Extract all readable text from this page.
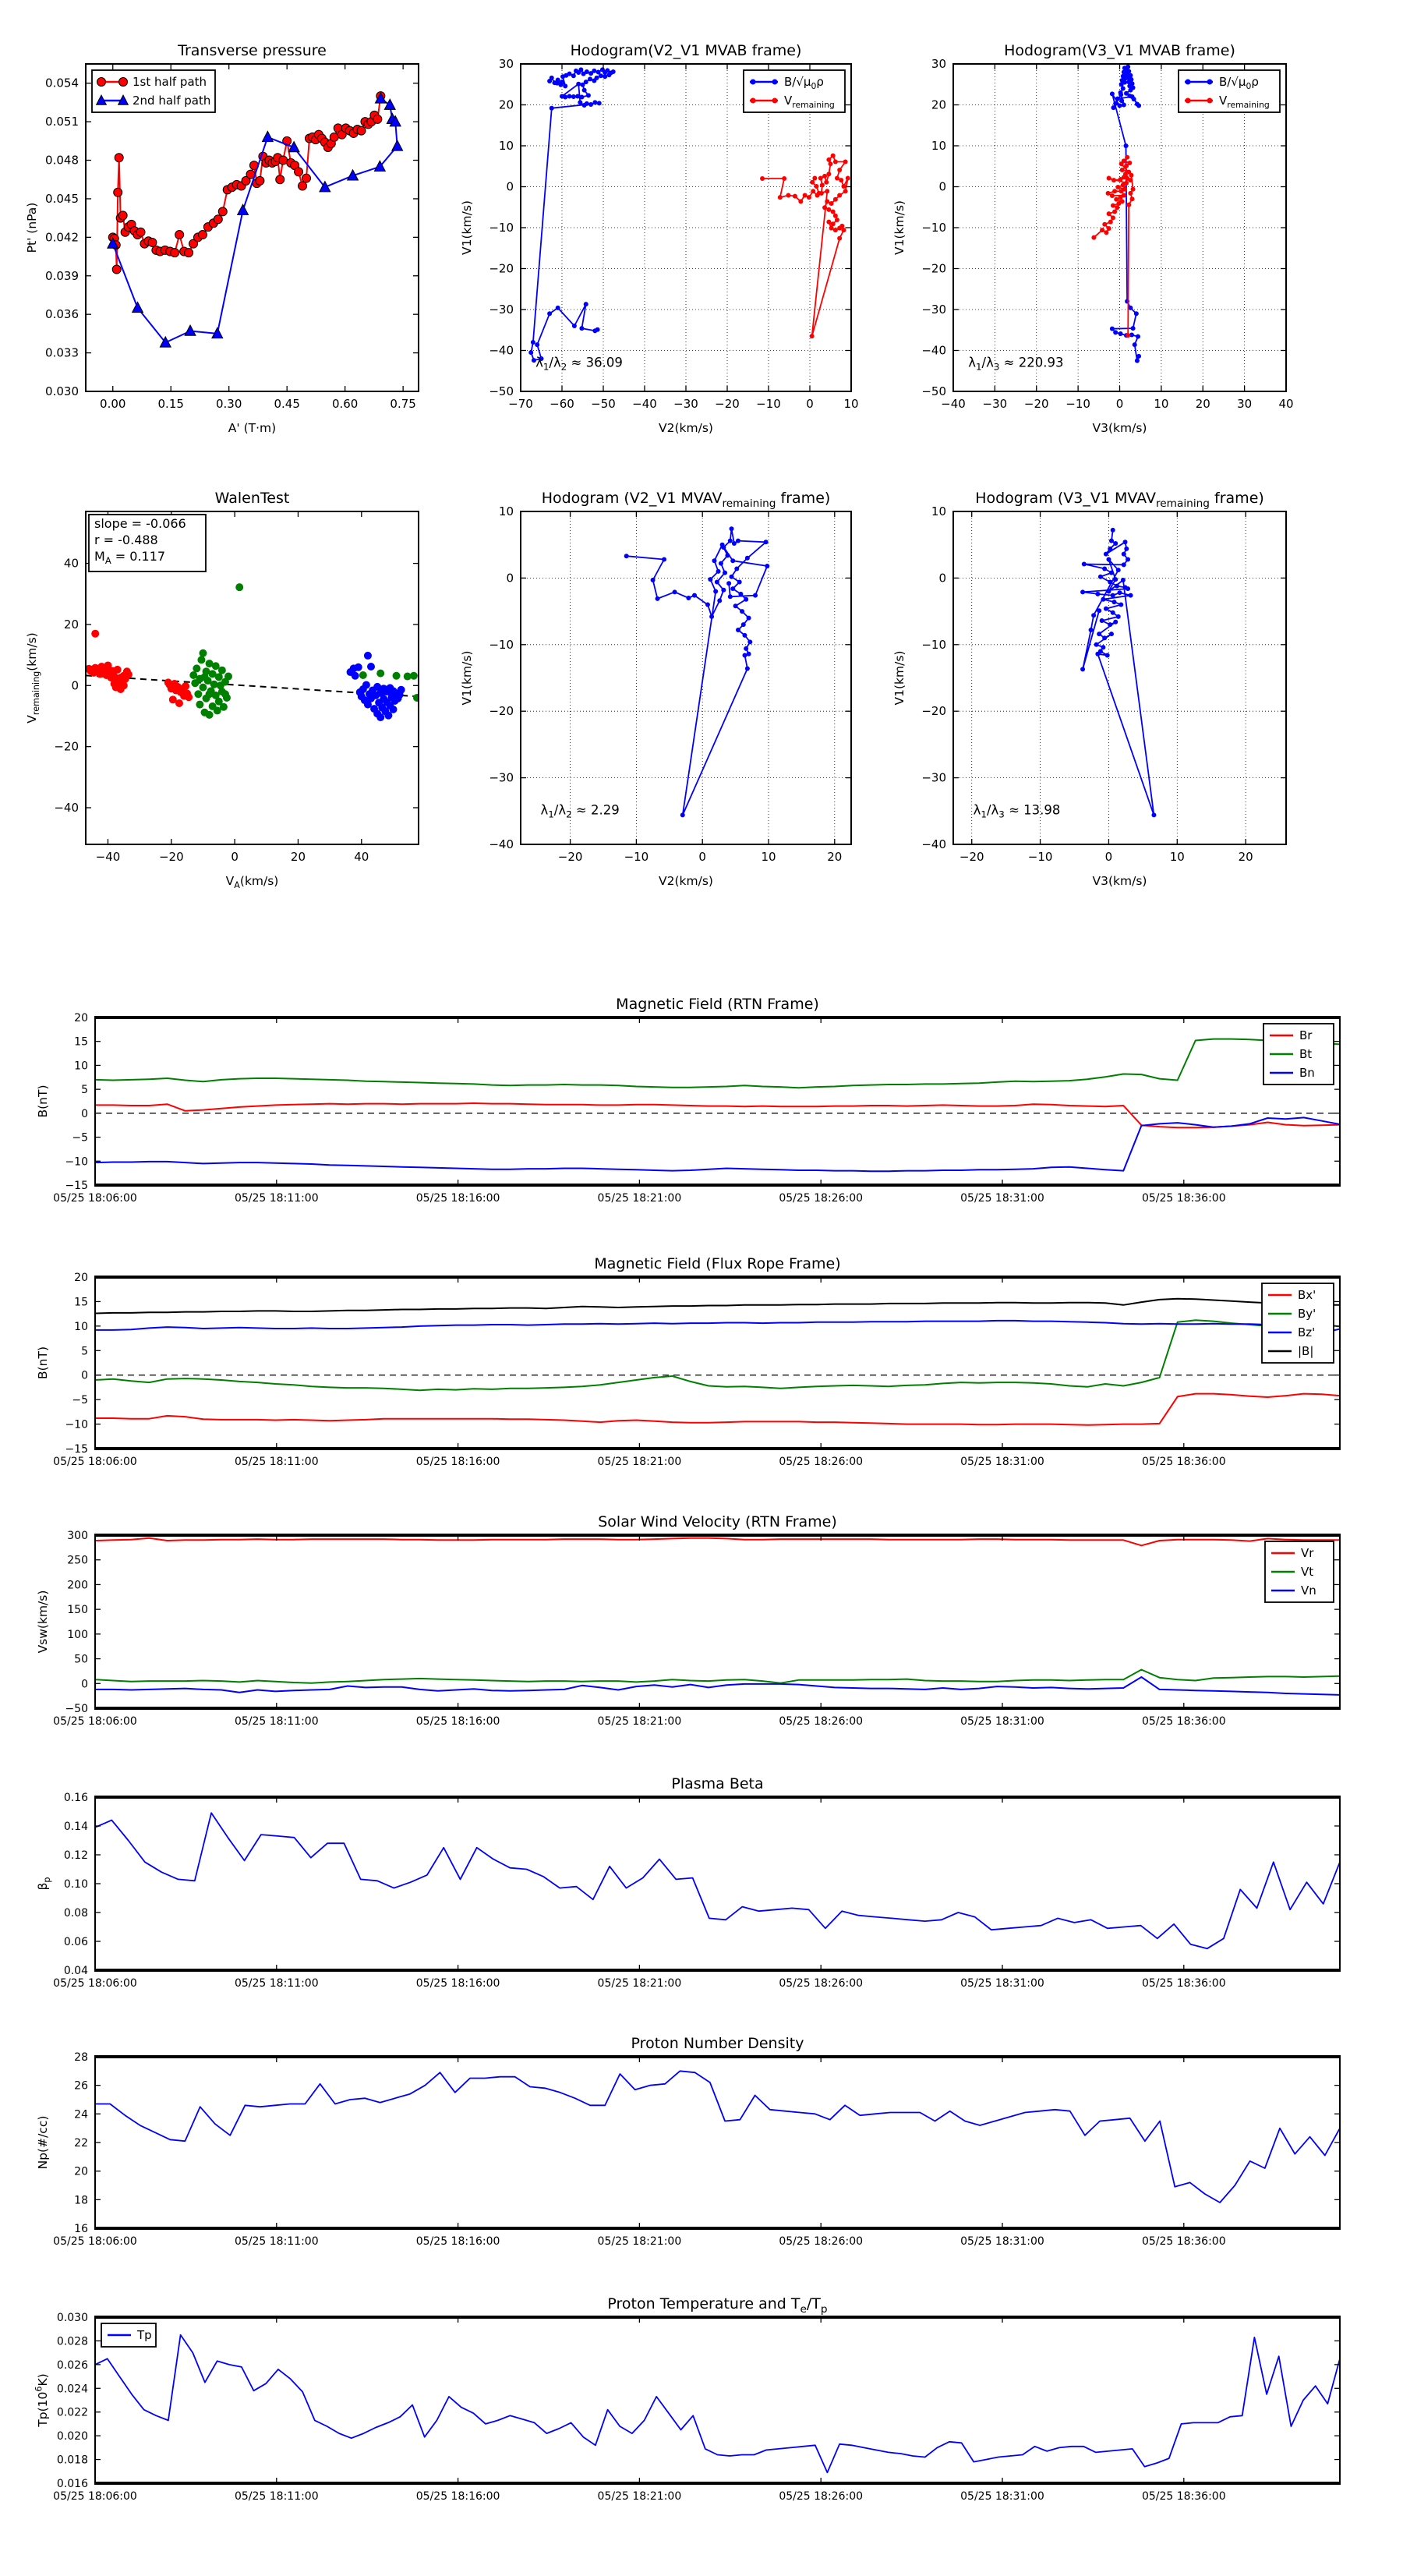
0.00	0.15	0.30	0.45	0.60	0.75
0.030
0.033
0.036
0.039
0.042
0.045
0.048
0.051
0.054
Transverse pressure
A' (T·m)
Pt' (nPa)
1st half path
2nd half path
−70 −60 −50 −40 −30 −20 −10 0	10
−50
−40
−30
−20
−10
0
10
20
30
Hodogram(V2_V1 MVAB frame)
V2(km/s)
V1(km/s)
$\lambda_1/\lambda_2 \approx 36.09$
$B/√\mu_0\rho$
$V_{remaining}$
−40 −30 −20 −10 0	10 20 30 40
−50
−40
−30
−20
−10
0
10
20
30
Hodogram(V3_V1 MVAB frame)
V3(km/s)
V1(km/s)
$\lambda_1/\lambda_3 \approx 220.93$
$B/√\mu_0\rho$
$V_{remaining}$
−40	−20	0	20	40
−40
−20
0
20
40
WalenTest
$V_A(km/s)$
$V_{remaining}(km/s)$
slope = -0.066
r = -0.488
$M_A = 0.117$
−20	−10	0	10	20
−40
−30
−20
−10
0
10
Hodogram (V2_V1 $MVAV_{remaining}$ frame)
V2(km/s)
V1(km/s)
$\lambda_1/\lambda_2 \approx 2.29$
−20	−10	0	10	20
−40
−30
−20
−10
0
10
Hodogram (V3_V1 $MVAV_{remaining}$ frame)
V3(km/s)
V1(km/s)
$\lambda_1/\lambda_3 \approx 13.98$
05/25 18:06:00	05/25 18:11:00	05/25 18:16:00	05/25 18:21:00	05/25 18:26:00	05/25 18:31:00	05/25 18:36:00
−15
−10
−5
0
5
10
15
20
Magnetic Field (RTN Frame)
B(nT)
Br
Bt
Bn
05/25 18:06:00	05/25 18:11:00	05/25 18:16:00	05/25 18:21:00	05/25 18:26:00	05/25 18:31:00	05/25 18:36:00
−15
−10
−5
0
5
10
15
20
Magnetic Field (Flux Rope Frame)
B(nT)
Bx'
By'
Bz'
|B|
05/25 18:06:00	05/25 18:11:00	05/25 18:16:00	05/25 18:21:00	05/25 18:26:00	05/25 18:31:00	05/25 18:36:00
−50
0
50
100
150
200
250
300
Solar Wind Velocity (RTN Frame)
Vsw(km/s)
Vr
Vt
Vn
05/25 18:06:00	05/25 18:11:00	05/25 18:16:00	05/25 18:21:00	05/25 18:26:00	05/25 18:31:00	05/25 18:36:00
0.04
0.06
0.08
0.10
0.12
0.14
0.16
Plasma Beta
$\beta_p$
05/25 18:06:00	05/25 18:11:00	05/25 18:16:00	05/25 18:21:00	05/25 18:26:00	05/25 18:31:00	05/25 18:36:00
16
18
20
22
24
26
28
Proton Number Density
Np(#/cc)
05/25 18:06:00	05/25 18:11:00	05/25 18:16:00	05/25 18:21:00	05/25 18:26:00	05/25 18:31:00	05/25 18:36:00
0.016
0.018
0.020
0.022
0.024
0.026
0.028
0.030
Proton Temperature and $T_e/T_p$
$Tp(10^6K)$
Tp
